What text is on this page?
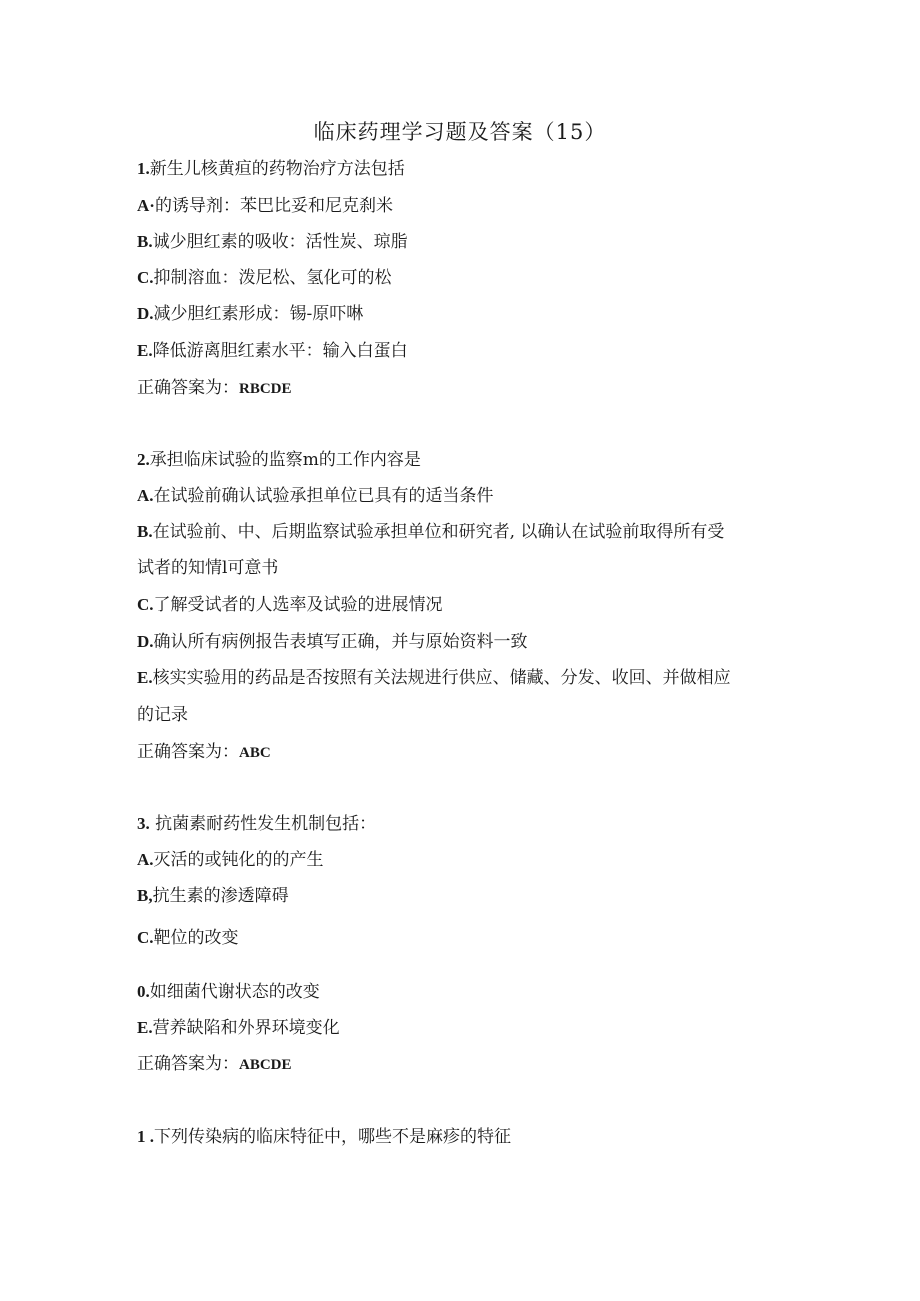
临床药理学习题及答案（15）
1.新生儿核黄疸的药物治疗方法包括
A·的诱导剂：苯巴比妥和尼克刹米
B.诚少胆红素的吸收：活性炭、琼脂
C.抑制溶血：泼尼松、氢化可的松
D.减少胆红素形成：锡-原吓啉
E.降低游离胆红素水平：输入白蛋白
正确答案为：RBCDE
2.承担临床试验的监察m的工作内容是
A.在试验前确认试验承担单位已具有的适当条件
B.在试验前、中、后期监察试验承担单位和研究者, 以确认在试验前取得所有受
试者的知情l可意书
C.了解受试者的人选率及试验的进展情况
D.确认所有病例报告表填写正确，并与原始资料一致
E.核实实验用的药品是否按照有关法规进行供应、储藏、分发、收回、并做相应
的记录
正确答案为：ABC
3. 抗菌素耐药性发生机制包括：
A.灭活的或钝化的的产生
B,抗生素的渗透障碍
C.靶位的改变
0.如细菌代谢状态的改变
E.营养缺陷和外界环境变化
正确答案为：ABCDE
1 .下列传染病的临床特征中，哪些不是麻疹的特征
